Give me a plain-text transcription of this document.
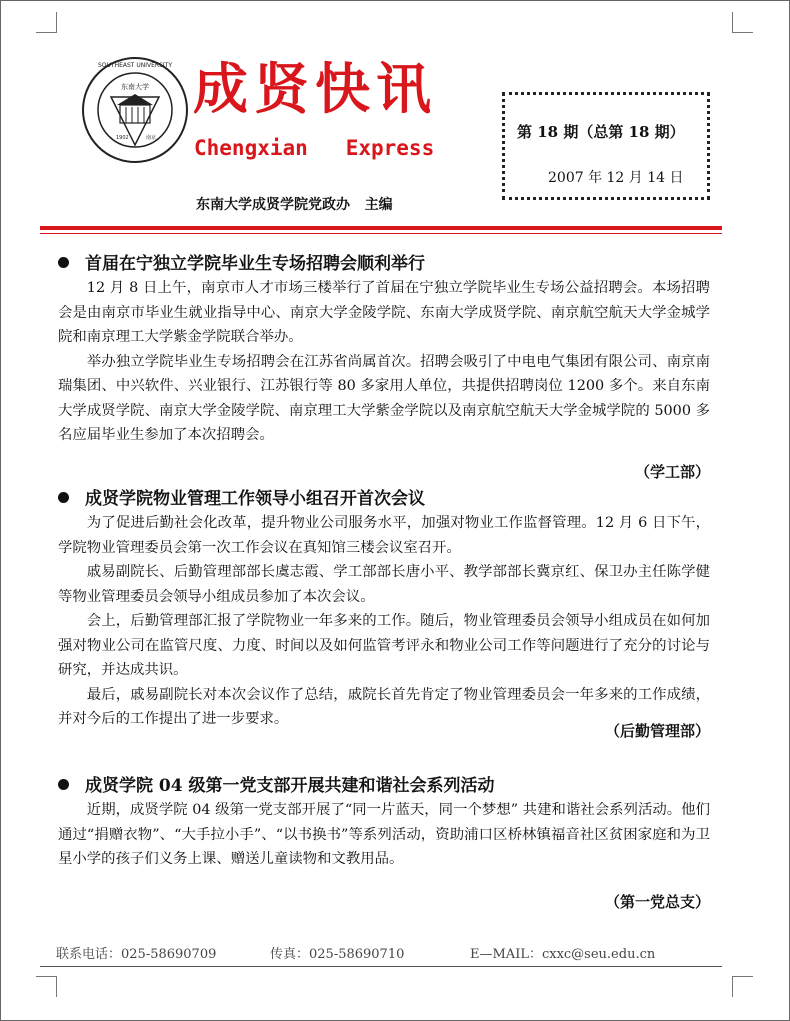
东南大学
SOUTHEAST UNIVERSITY
1902	南京
成贤快讯
Chengxian   Express
第 18 期（总第 18 期）
2007 年 12 月 14 日
东南大学成贤学院党政办   主编
首届在宁独立学院毕业生专场招聘会顺利举行

12 月 8 日上午，南京市人才市场三楼举行了首届在宁独立学院毕业生专场公益招聘会。本场招聘会是由南京市毕业生就业指导中心、南京大学金陵学院、东南大学成贤学院、南京航空航天大学金城学院和南京理工大学紫金学院联合举办。

举办独立学院毕业生专场招聘会在江苏省尚属首次。招聘会吸引了中电电气集团有限公司、南京南瑞集团、中兴软件、兴业银行、江苏银行等 80 多家用人单位，共提供招聘岗位 1200 多个。来自东南大学成贤学院、南京大学金陵学院、南京理工大学紫金学院以及南京航空航天大学金城学院的 5000 多名应届毕业生参加了本次招聘会。

（学工部）
成贤学院物业管理工作领导小组召开首次会议

为了促进后勤社会化改革，提升物业公司服务水平，加强对物业工作监督管理。12 月 6 日下午，学院物业管理委员会第一次工作会议在真知馆三楼会议室召开。

戚易副院长、后勤管理部部长虞志霞、学工部部长唐小平、教学部部长冀京红、保卫办主任陈学健等物业管理委员会领导小组成员参加了本次会议。

会上，后勤管理部汇报了学院物业一年多来的工作。随后，物业管理委员会领导小组成员在如何加强对物业公司在监管尺度、力度、时间以及如何监管考评永和物业公司工作等问题进行了充分的讨论与研究，并达成共识。

最后，戚易副院长对本次会议作了总结，戚院长首先肯定了物业管理委员会一年多来的工作成绩，并对今后的工作提出了进一步要求。

（后勤管理部）
成贤学院 04 级第一党支部开展共建和谐社会系列活动

近期，成贤学院 04 级第一党支部开展了“同一片蓝天，同一个梦想” 共建和谐社会系列活动。他们通过“捐赠衣物”、“大手拉小手”、“以书换书”等系列活动，资助浦口区桥林镇福音社区贫困家庭和为卫星小学的孩子们义务上课、赠送儿童读物和文教用品。

（第一党总支）
联系电话：025-58690709	传真：025-58690710	E—MAIL：cxxc@seu.edu.cn
